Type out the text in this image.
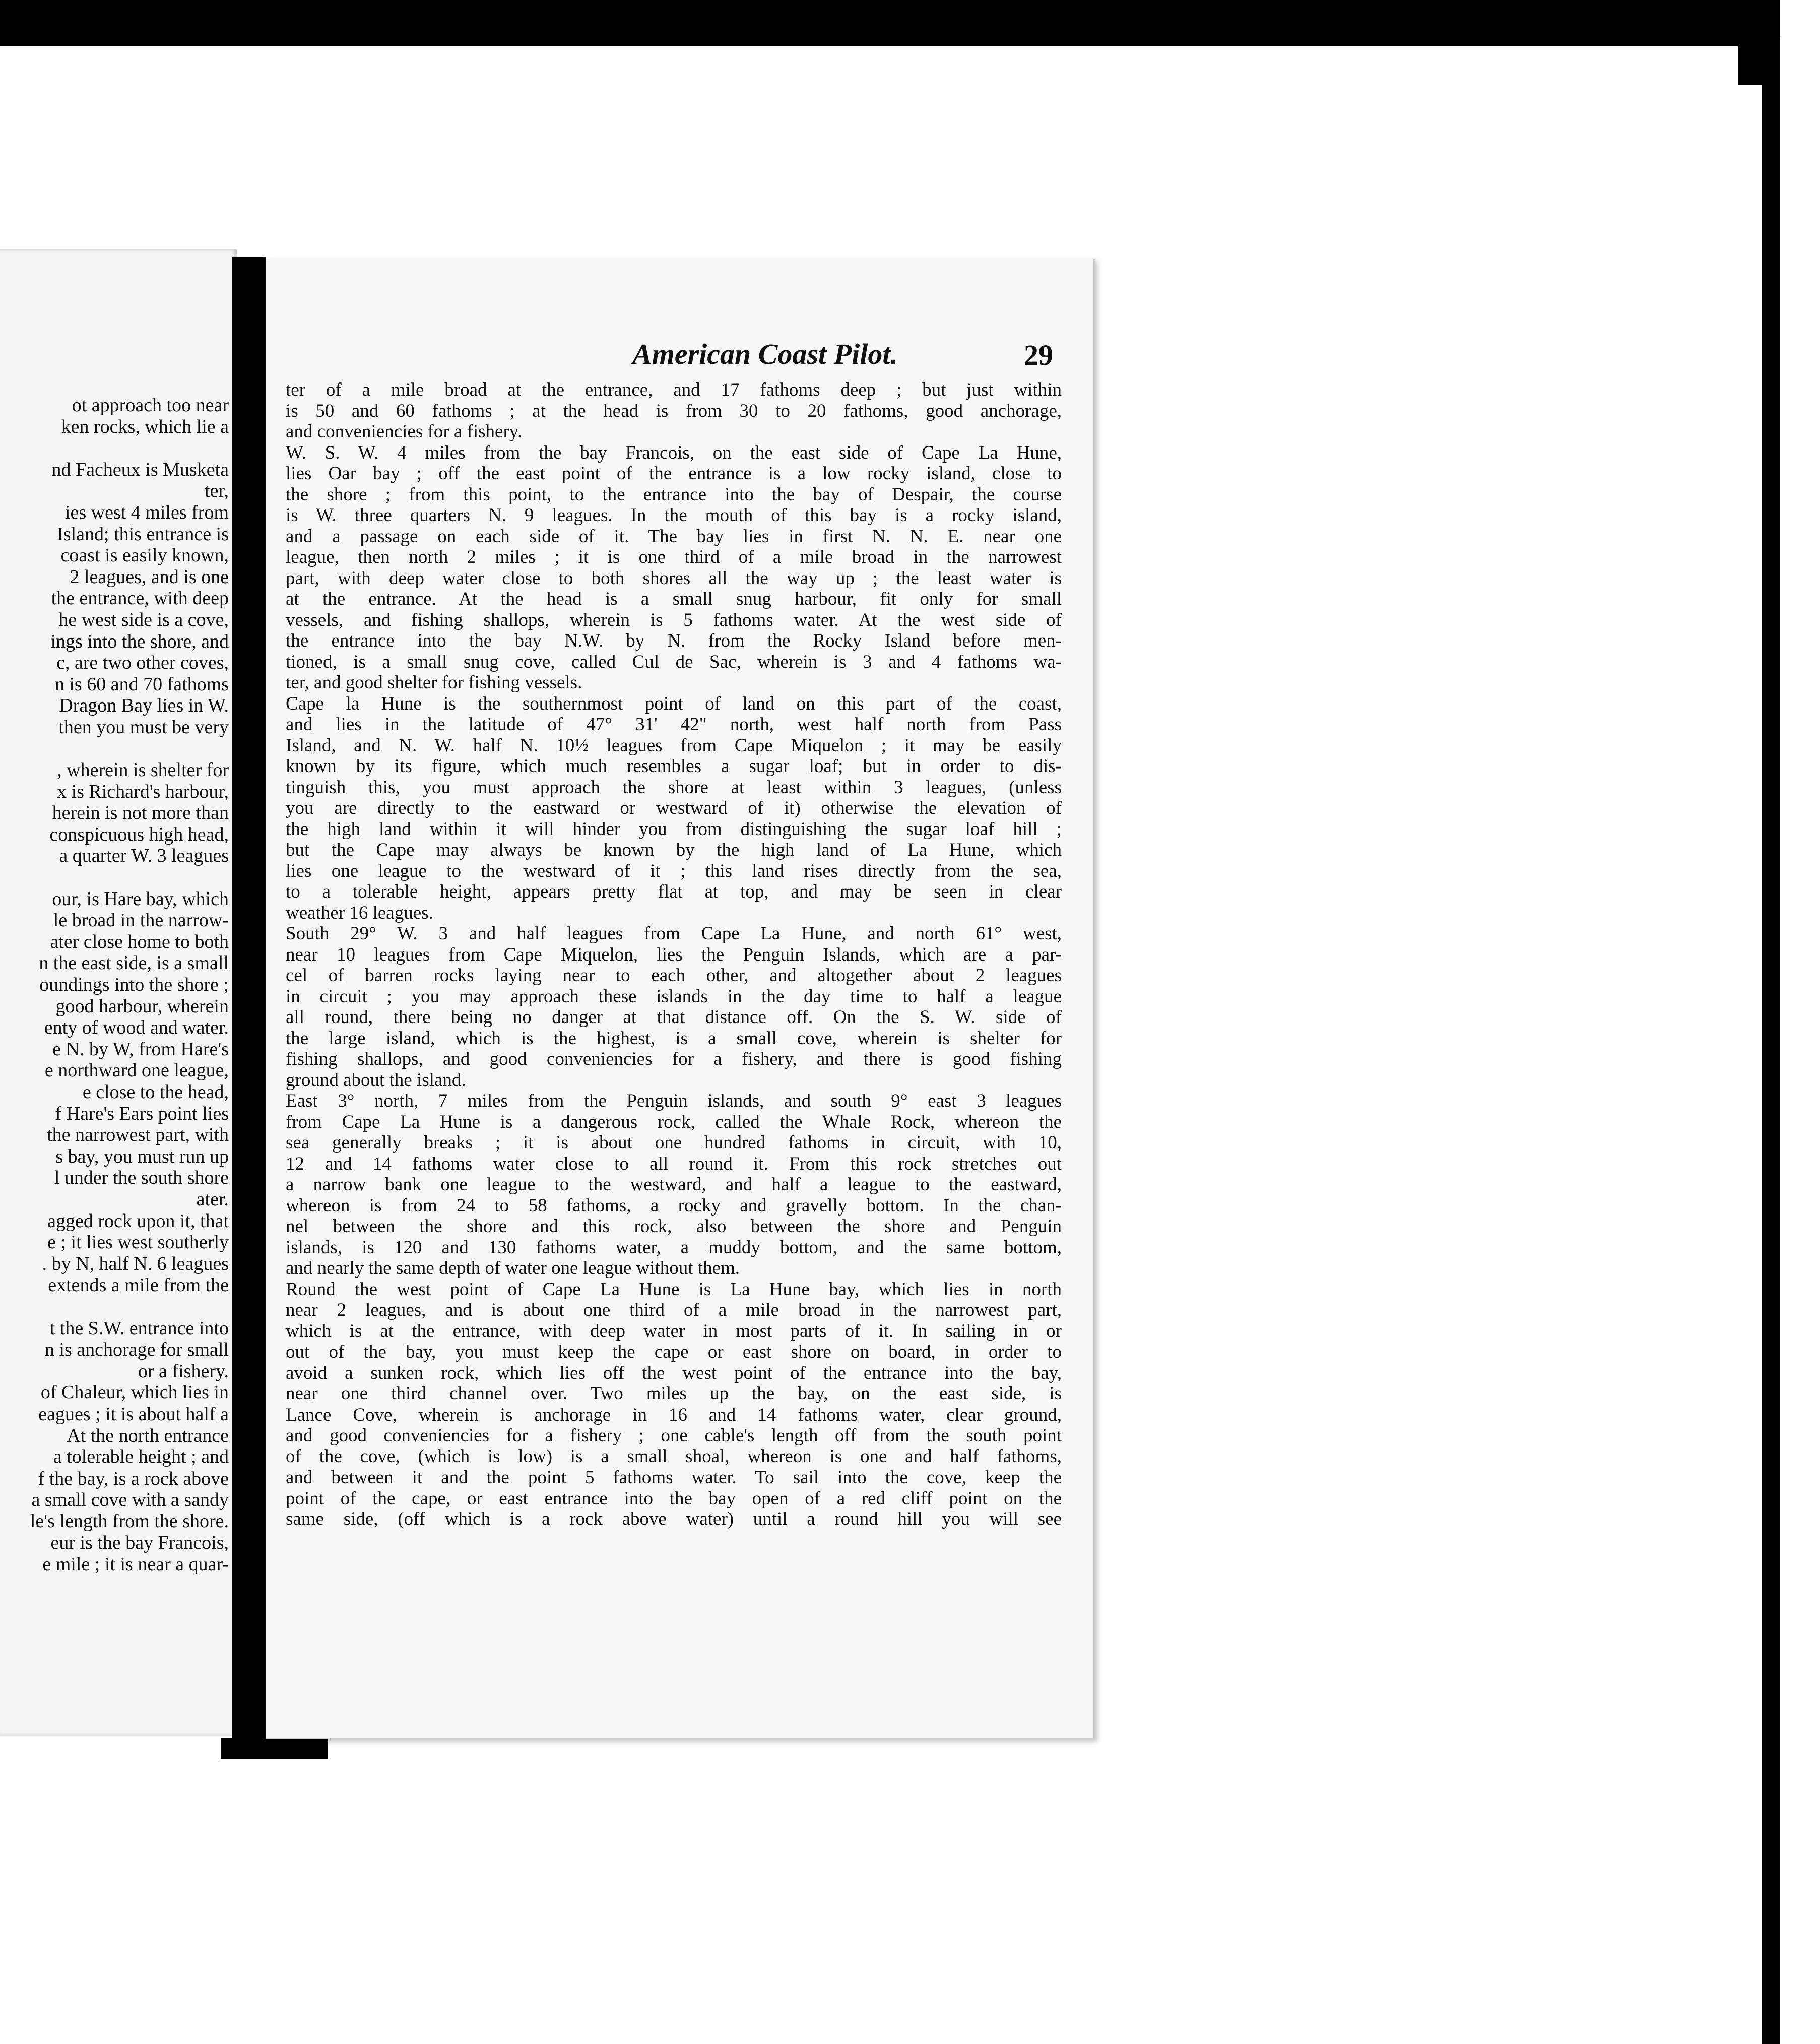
ot approach too near
ken rocks, which lie a

nd Facheux is Musketa
ter,
ies west 4 miles from
Island; this entrance is
coast is easily known,
2 leagues, and is one
the entrance, with deep
he west side is a cove,
ings into the shore, and
c, are two other coves,
n is 60 and 70 fathoms
Dragon Bay lies in W.
then you must be very

, wherein is shelter for
x is Richard's harbour,
herein is not more than
conspicuous high head,
a quarter W. 3 leagues

our, is Hare bay, which
le broad in the narrow-
ater close home to both
n the east side, is a small
oundings into the shore ;
good harbour, wherein
enty of wood and water.
e N. by W, from Hare's
e northward one league,
e close to the head,
f Hare's Ears point lies
the narrowest part, with
s bay, you must run up
l under the south shore
ater.
agged rock upon it, that
e ; it lies west southerly
. by N, half N. 6 leagues
extends a mile from the

t the S.W. entrance into
n is anchorage for small
or a fishery.
of Chaleur, which lies in
eagues ; it is about half a
At the north entrance
a tolerable height ; and
f the bay, is a rock above
a small cove with a sandy
le's length from the shore.
eur is the bay Francois,
e mile ; it is near a quar-
American Coast Pilot.	29
ter of a mile broad at the entrance, and 17 fathoms deep ; but just within
is 50 and 60 fathoms ; at the head is from 30 to 20 fathoms, good anchorage,
and conveniencies for a fishery.
W. S. W. 4 miles from the bay Francois, on the east side of Cape La Hune,
lies Oar bay ; off the east point of the entrance is a low rocky island, close to
the shore ; from this point, to the entrance into the bay of Despair, the course
is W. three quarters N. 9 leagues. In the mouth of this bay is a rocky island,
and a passage on each side of it. The bay lies in first N. N. E. near one
league, then north 2 miles ; it is one third of a mile broad in the narrowest
part, with deep water close to both shores all the way up ; the least water is
at the entrance. At the head is a small snug harbour, fit only for small
vessels, and fishing shallops, wherein is 5 fathoms water. At the west side of
the entrance into the bay N.W. by N. from the Rocky Island before men-
tioned, is a small snug cove, called Cul de Sac, wherein is 3 and 4 fathoms wa-
ter, and good shelter for fishing vessels.
Cape la Hune is the southernmost point of land on this part of the coast,
and lies in the latitude of 47° 31' 42" north, west half north from Pass
Island, and N. W. half N. 10½ leagues from Cape Miquelon ; it may be easily
known by its figure, which much resembles a sugar loaf; but in order to dis-
tinguish this, you must approach the shore at least within 3 leagues, (unless
you are directly to the eastward or westward of it) otherwise the elevation of
the high land within it will hinder you from distinguishing the sugar loaf hill ;
but the Cape may always be known by the high land of La Hune, which
lies one league to the westward of it ; this land rises directly from the sea,
to a tolerable height, appears pretty flat at top, and may be seen in clear
weather 16 leagues.
South 29° W. 3 and half leagues from Cape La Hune, and north 61° west,
near 10 leagues from Cape Miquelon, lies the Penguin Islands, which are a par-
cel of barren rocks laying near to each other, and altogether about 2 leagues
in circuit ; you may approach these islands in the day time to half a league
all round, there being no danger at that distance off. On the S. W. side of
the large island, which is the highest, is a small cove, wherein is shelter for
fishing shallops, and good conveniencies for a fishery, and there is good fishing
ground about the island.
East 3° north, 7 miles from the Penguin islands, and south 9° east 3 leagues
from Cape La Hune is a dangerous rock, called the Whale Rock, whereon the
sea generally breaks ; it is about one hundred fathoms in circuit, with 10,
12 and 14 fathoms water close to all round it. From this rock stretches out
a narrow bank one league to the westward, and half a league to the eastward,
whereon is from 24 to 58 fathoms, a rocky and gravelly bottom. In the chan-
nel between the shore and this rock, also between the shore and Penguin
islands, is 120 and 130 fathoms water, a muddy bottom, and the same bottom,
and nearly the same depth of water one league without them.
Round the west point of Cape La Hune is La Hune bay, which lies in north
near 2 leagues, and is about one third of a mile broad in the narrowest part,
which is at the entrance, with deep water in most parts of it. In sailing in or
out of the bay, you must keep the cape or east shore on board, in order to
avoid a sunken rock, which lies off the west point of the entrance into the bay,
near one third channel over. Two miles up the bay, on the east side, is
Lance Cove, wherein is anchorage in 16 and 14 fathoms water, clear ground,
and good conveniencies for a fishery ; one cable's length off from the south point
of the cove, (which is low) is a small shoal, whereon is one and half fathoms,
and between it and the point 5 fathoms water. To sail into the cove, keep the
point of the cape, or east entrance into the bay open of a red cliff point on the
same side, (off which is a rock above water) until a round hill you will see
